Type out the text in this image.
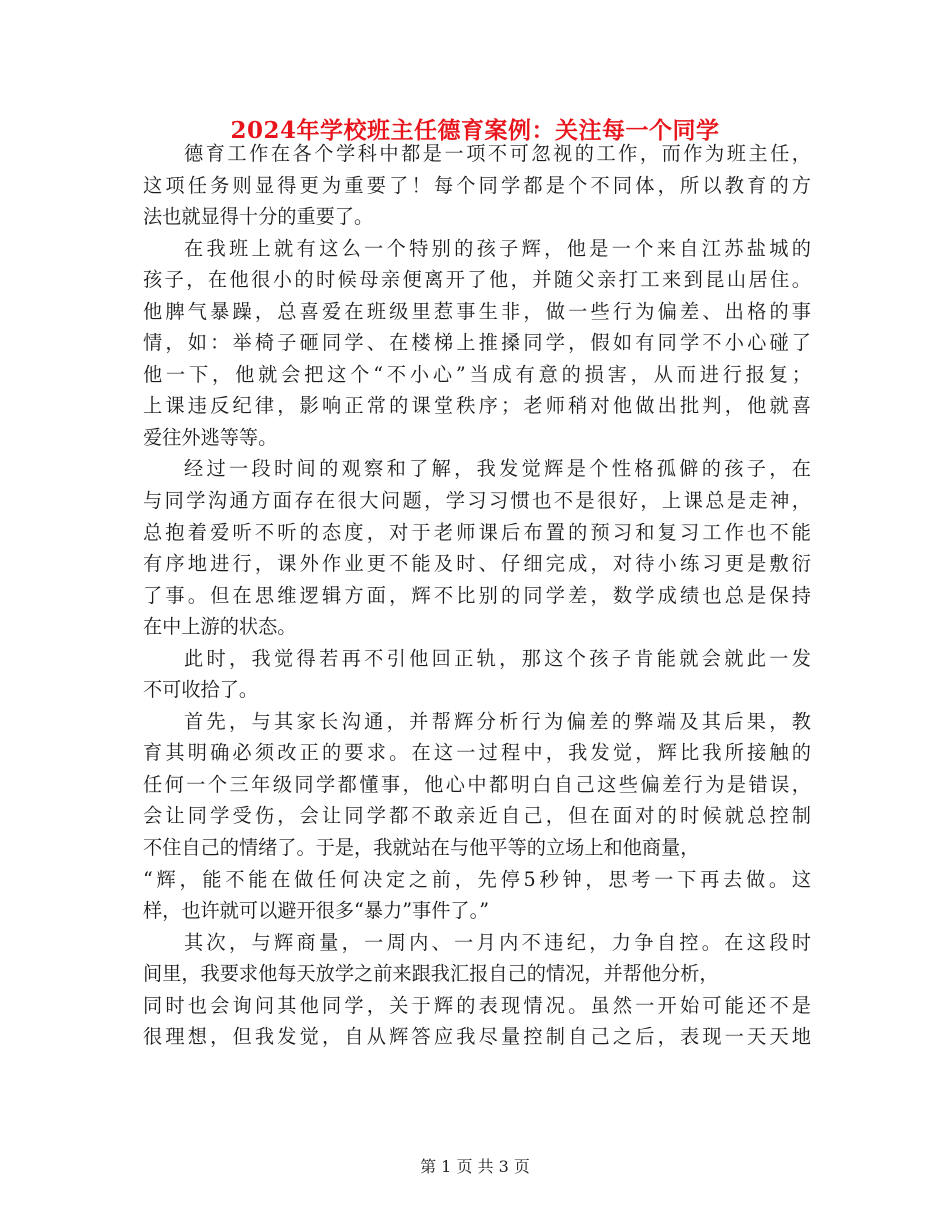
2024年学校班主任德育案例：关注每一个同学
德育工作在各个学科中都是一项不可忽视的工作，而作为班主任，
这项任务则显得更为重要了！每个同学都是个不同体，所以教育的方
法也就显得十分的重要了。
在我班上就有这么一个特别的孩子辉，他是一个来自江苏盐城的
孩子，在他很小的时候母亲便离开了他，并随父亲打工来到昆山居住。
他脾气暴躁，总喜爱在班级里惹事生非，做一些行为偏差、出格的事
情，如：举椅子砸同学、在楼梯上推搡同学，假如有同学不小心碰了
他一下，他就会把这个“不小心”当成有意的损害，从而进行报复；
上课违反纪律，影响正常的课堂秩序；老师稍对他做出批判，他就喜
爱往外逃等等。
经过一段时间的观察和了解，我发觉辉是个性格孤僻的孩子，在
与同学沟通方面存在很大问题，学习习惯也不是很好，上课总是走神，
总抱着爱听不听的态度，对于老师课后布置的预习和复习工作也不能
有序地进行，课外作业更不能及时、仔细完成，对待小练习更是敷衍
了事。但在思维逻辑方面，辉不比别的同学差，数学成绩也总是保持
在中上游的状态。
此时，我觉得若再不引他回正轨，那这个孩子肯能就会就此一发
不可收拾了。
首先，与其家长沟通，并帮辉分析行为偏差的弊端及其后果，教
育其明确必须改正的要求。在这一过程中，我发觉，辉比我所接触的
任何一个三年级同学都懂事，他心中都明白自己这些偏差行为是错误，
会让同学受伤，会让同学都不敢亲近自己，但在面对的时候就总控制
不住自己的情绪了。于是，我就站在与他平等的立场上和他商量，
“辉，能不能在做任何决定之前，先停5秒钟，思考一下再去做。这
样，也许就可以避开很多“暴力”事件了。”
其次，与辉商量，一周内、一月内不违纪，力争自控。在这段时
间里，我要求他每天放学之前来跟我汇报自己的情况，并帮他分析，
同时也会询问其他同学，关于辉的表现情况。虽然一开始可能还不是
很理想，但我发觉，自从辉答应我尽量控制自己之后，表现一天天地
第 1 页 共 3 页
